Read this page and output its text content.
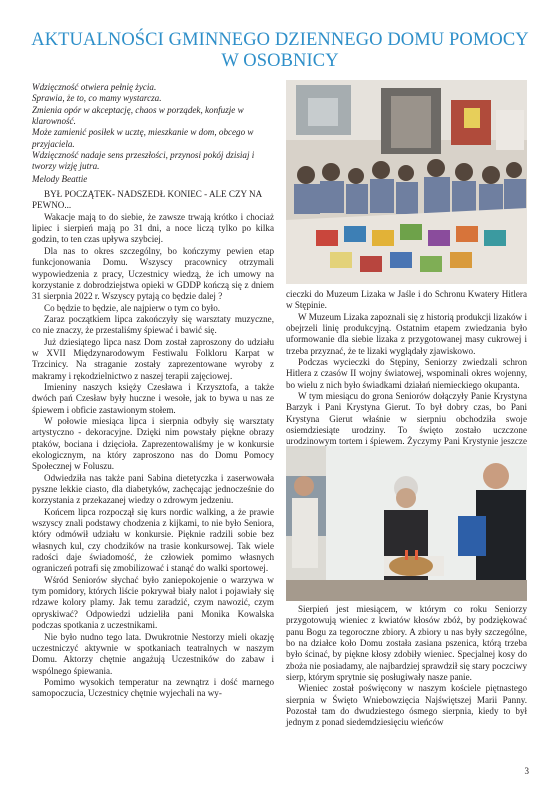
AKTUALNOŚCI GMINNEGO DZIENNEGO DOMU POMOCY
W OSOBNICY

Wdzięczność otwiera pełnię życia.

Sprawia, że to, co mamy wystarcza.

Zmienia opór w akceptację, chaos w porządek, konfuzje w klarowność.

Może zamienić posiłek w ucztę, mieszkanie w dom, obcego w przyjaciela.

Wdzięczność nadaje sens przeszłości, przynosi pokój dzisiaj i tworzy wizję jutra.

Melody Beattie

BYŁ POCZĄTEK- NADSZEDŁ KONIEC - ALE CZY NA PEWNO...

Wakacje mają to do siebie, że zawsze trwają krótko i chociaż lipiec i sierpień mają po 31 dni, a noce liczą tylko po kilka godzin, to ten czas upływa szybciej.

Dla nas to okres szczególny, bo kończymy pewien etap funkcjonowania Domu. Wszyscy pracownicy otrzymali wypowiedzenia z pracy, Uczestnicy wiedzą, że ich umowy na korzystanie z dobrodziejstwa opieki w GDDP kończą się z dniem 31 sierpnia 2022 r. Wszyscy pytają co będzie dalej ?

Co będzie to będzie, ale najpierw o tym co było.

Zaraz początkiem lipca zakończyły się warsztaty muzyczne, co nie znaczy, że przestaliśmy śpiewać i bawić się.

Już dziesiątego lipca nasz Dom został zaproszony do udziału w XVII Międzynarodowym Festiwalu Folkloru Karpat w Trzcinicy. Na straganie zostały zaprezentowane wyroby z makramy i rękodzielnictwo z naszej terapii zajęciowej.

Imieniny naszych księży Czesława i Krzysztofa, a także dwóch pań Czesław były huczne i wesołe, jak to bywa u nas ze śpiewem i obficie zastawionym stołem.

W połowie miesiąca lipca i sierpnia odbyły się warsztaty artystyczno - dekoracyjne. Dzięki nim powstały piękne obrazy ptaków, bociana i dzięcioła. Zaprezentowaliśmy je w konkursie ekologicznym, na który zaproszono nas do Domu Pomocy Społecznej w Foluszu.

Odwiedziła nas także pani Sabina dietetyczka i zaserwowała pyszne lekkie ciasto, dla diabetyków, zachęcając jednocześnie do korzystania z przekazanej wiedzy o zdrowym jedzeniu.

Końcem lipca rozpoczął się kurs nordic walking, a że prawie wszyscy znali podstawy chodzenia z kijkami, to nie było Seniora, który odmówił udziału w konkursie. Pięknie radzili sobie bez własnych kul, czy chodzików na trasie konkursowej. Tak wiele radości daje świadomość, że człowiek pomimo własnych ograniczeń potrafi się zmobilizować i stanąć do walki sportowej.

Wśród Seniorów słychać było zaniepokojenie o warzywa w tym pomidory, których liście pokrywał biały nalot i pojawiały się rdzawe kolory plamy. Jak temu zaradzić, czym nawozić, czym opryskiwać? Odpowiedzi udzieliła pani Monika Kowalska podczas spotkania z uczestnikami.

Nie było nudno tego lata. Dwukrotnie Nestorzy mieli okazję uczestniczyć aktywnie w spotkaniach teatralnych w naszym Domu. Aktorzy chętnie angażują Uczestników do zabaw i wspólnego śpiewania.

Pomimo wysokich temperatur na zewnątrz i dość marnego samopoczucia, Uczestnicy chętnie wyjechali na wy-

cieczki do Muzeum Lizaka w Jaśle i do Schronu Kwatery Hitlera w Stępinie.

W Muzeum Lizaka zapoznali się z historią produkcji lizaków i obejrzeli linię produkcyjną. Ostatnim etapem zwiedzania było uformowanie dla siebie lizaka z przygotowanej masy cukrowej i trzeba przyznać, że te lizaki wyglądały zjawiskowo.

Podczas wycieczki do Stępiny, Seniorzy zwiedzali schron Hitlera z czasów II wojny światowej, wspominali okres wojenny, bo wielu z nich było świadkami działań niemieckiego okupanta.

W tym miesiącu do grona Seniorów dołączyły Panie Krystyna Barzyk i Pani Krystyna Gierut. To był dobry czas, bo Pani Krystyna Gierut właśnie w sierpniu obchodziła swoje osiemdziesiąte urodziny. To święto zostało uczczone urodzinowym tortem i śpiewem. Życzymy Pani Krystynie jeszcze

Sierpień jest miesiącem, w którym co roku Seniorzy przygotowują wieniec z kwiatów kłosów zbóż, by podziękować panu Bogu za tegoroczne zbiory. A zbiory u nas były szczególne, bo na działce koło Domu została zasiana pszenica, którą trzeba było ścinać, by piękne kłosy zdobiły wieniec. Specjalnej kosy do zboża nie posiadamy, ale najbardziej sprawdził się stary poczciwy sierp, którym sprytnie się posługiwały nasze panie.

Wieniec został poświęcony w naszym kościele piętnastego sierpnia w Święto Wniebowzięcia Najświętszej Marii Panny. Pozostał tam do dwudziestego ósmego sierpnia, kiedy to był jednym z ponad siedemdziesięciu wieńców

3
